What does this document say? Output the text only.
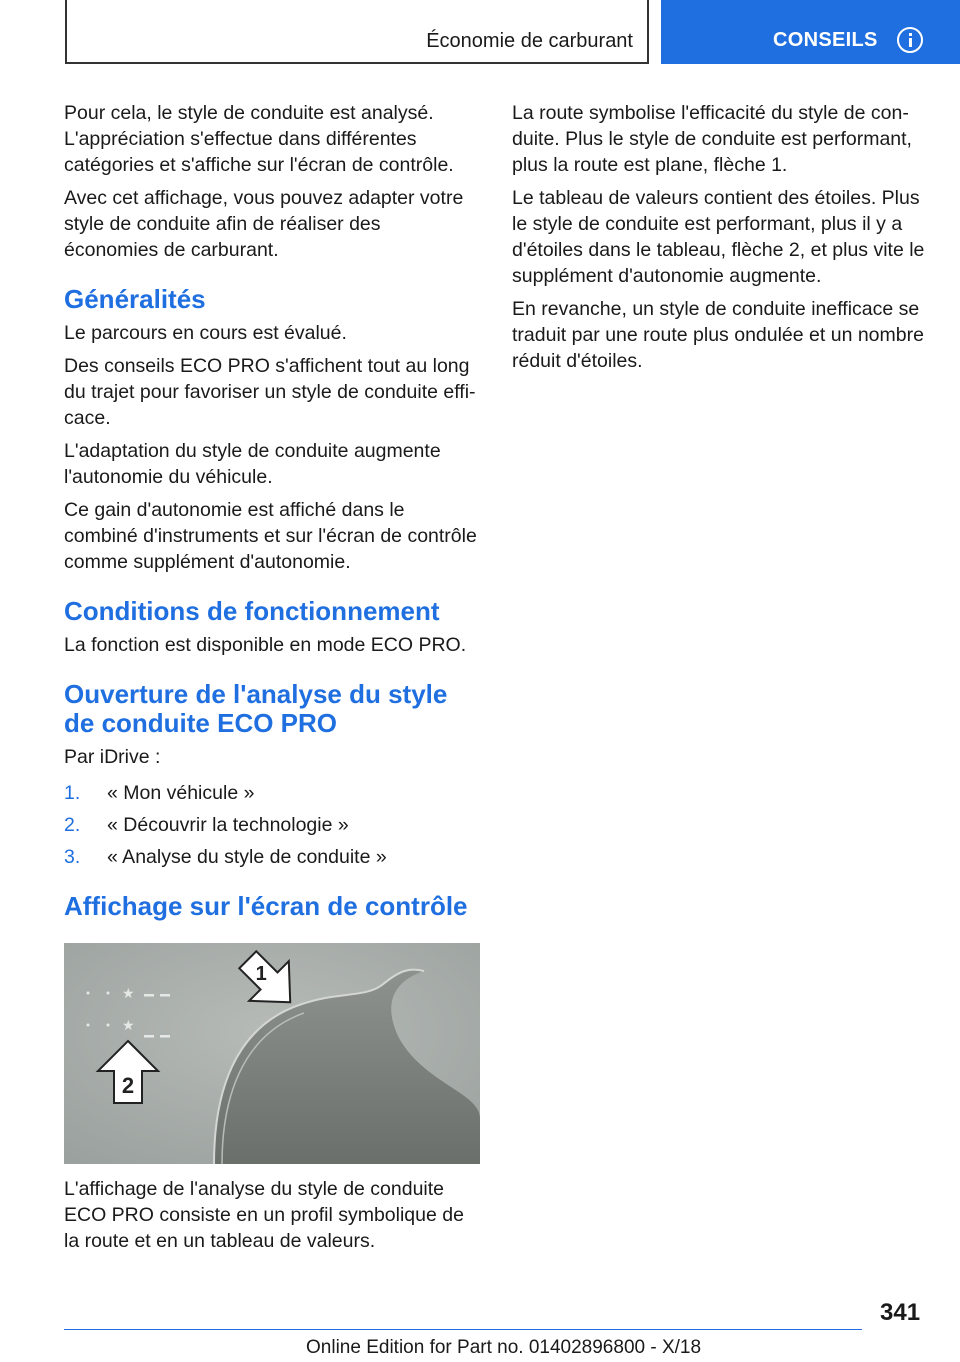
Économie de carburant	CONSEILS

Pour cela, le style de conduite est analysé. L'appréciation s'effectue dans différentes catégories et s'affiche sur l'écran de contrôle.

Avec cet affichage, vous pouvez adapter votre style de conduite afin de réaliser des économies de carburant.

Généralités

Le parcours en cours est évalué.

Des conseils ECO PRO s'affichent tout au long du trajet pour favoriser un style de conduite efficace.

L'adaptation du style de conduite augmente l'autonomie du véhicule.

Ce gain d'autonomie est affiché dans le combiné d'instruments et sur l'écran de contrôle comme supplément d'autonomie.

Conditions de fonctionnement

La fonction est disponible en mode ECO PRO.

Ouverture de l'analyse du style de conduite ECO PRO

Par iDrive :

1. « Mon véhicule »
2. « Découvrir la technologie »
3. « Analyse du style de conduite »
Affichage sur l'écran de contrôle
★
★
1
2

L'affichage de l'analyse du style de conduite ECO PRO consiste en un profil symbolique de la route et en un tableau de valeurs.

La route symbolise l'efficacité du style de conduite. Plus le style de conduite est performant, plus la route est plane, flèche 1.

Le tableau de valeurs contient des étoiles. Plus le style de conduite est performant, plus il y a d'étoiles dans le tableau, flèche 2, et plus vite le supplément d'autonomie augmente.

En revanche, un style de conduite inefficace se traduit par une route plus ondulée et un nombre réduit d'étoiles.

341
Online Edition for Part no. 01402896800 - X/18
